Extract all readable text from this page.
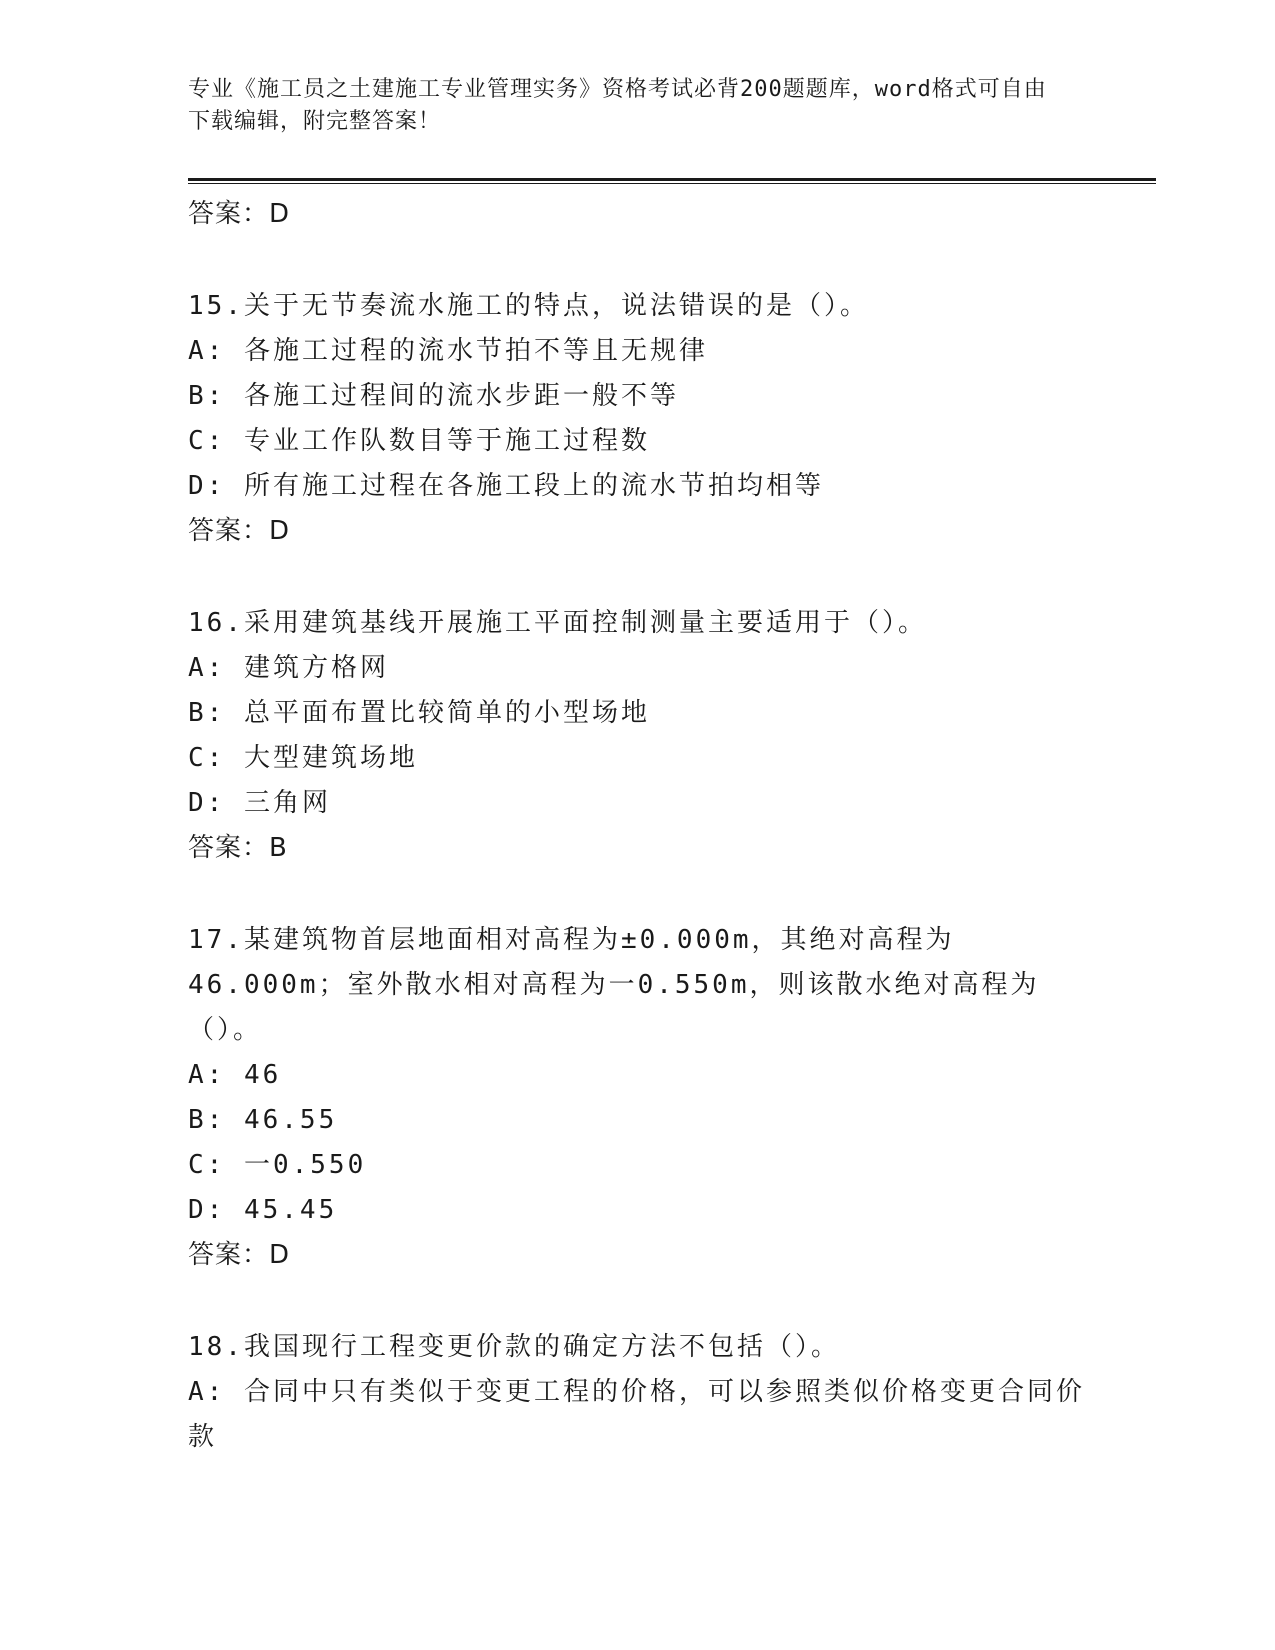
专业《施工员之土建施工专业管理实务》资格考试必背200题题库，word格式可自由下载编辑，附完整答案！
答案：D
15.关于无节奏流水施工的特点，说法错误的是（）。
A: 各施工过程的流水节拍不等且无规律
B: 各施工过程间的流水步距一般不等
C: 专业工作队数目等于施工过程数
D: 所有施工过程在各施工段上的流水节拍均相等
答案：D
16.采用建筑基线开展施工平面控制测量主要适用于（）。
A: 建筑方格网
B: 总平面布置比较简单的小型场地
C: 大型建筑场地
D: 三角网
答案：B
17.某建筑物首层地面相对高程为±0.000m，其绝对高程为46.000m；室外散水相对高程为一0.550m，则该散水绝对高程为（）。
A: 46
B: 46.55
C: 一0.550
D: 45.45
答案：D
18.我国现行工程变更价款的确定方法不包括（）。
A: 合同中只有类似于变更工程的价格，可以参照类似价格变更合同价款
